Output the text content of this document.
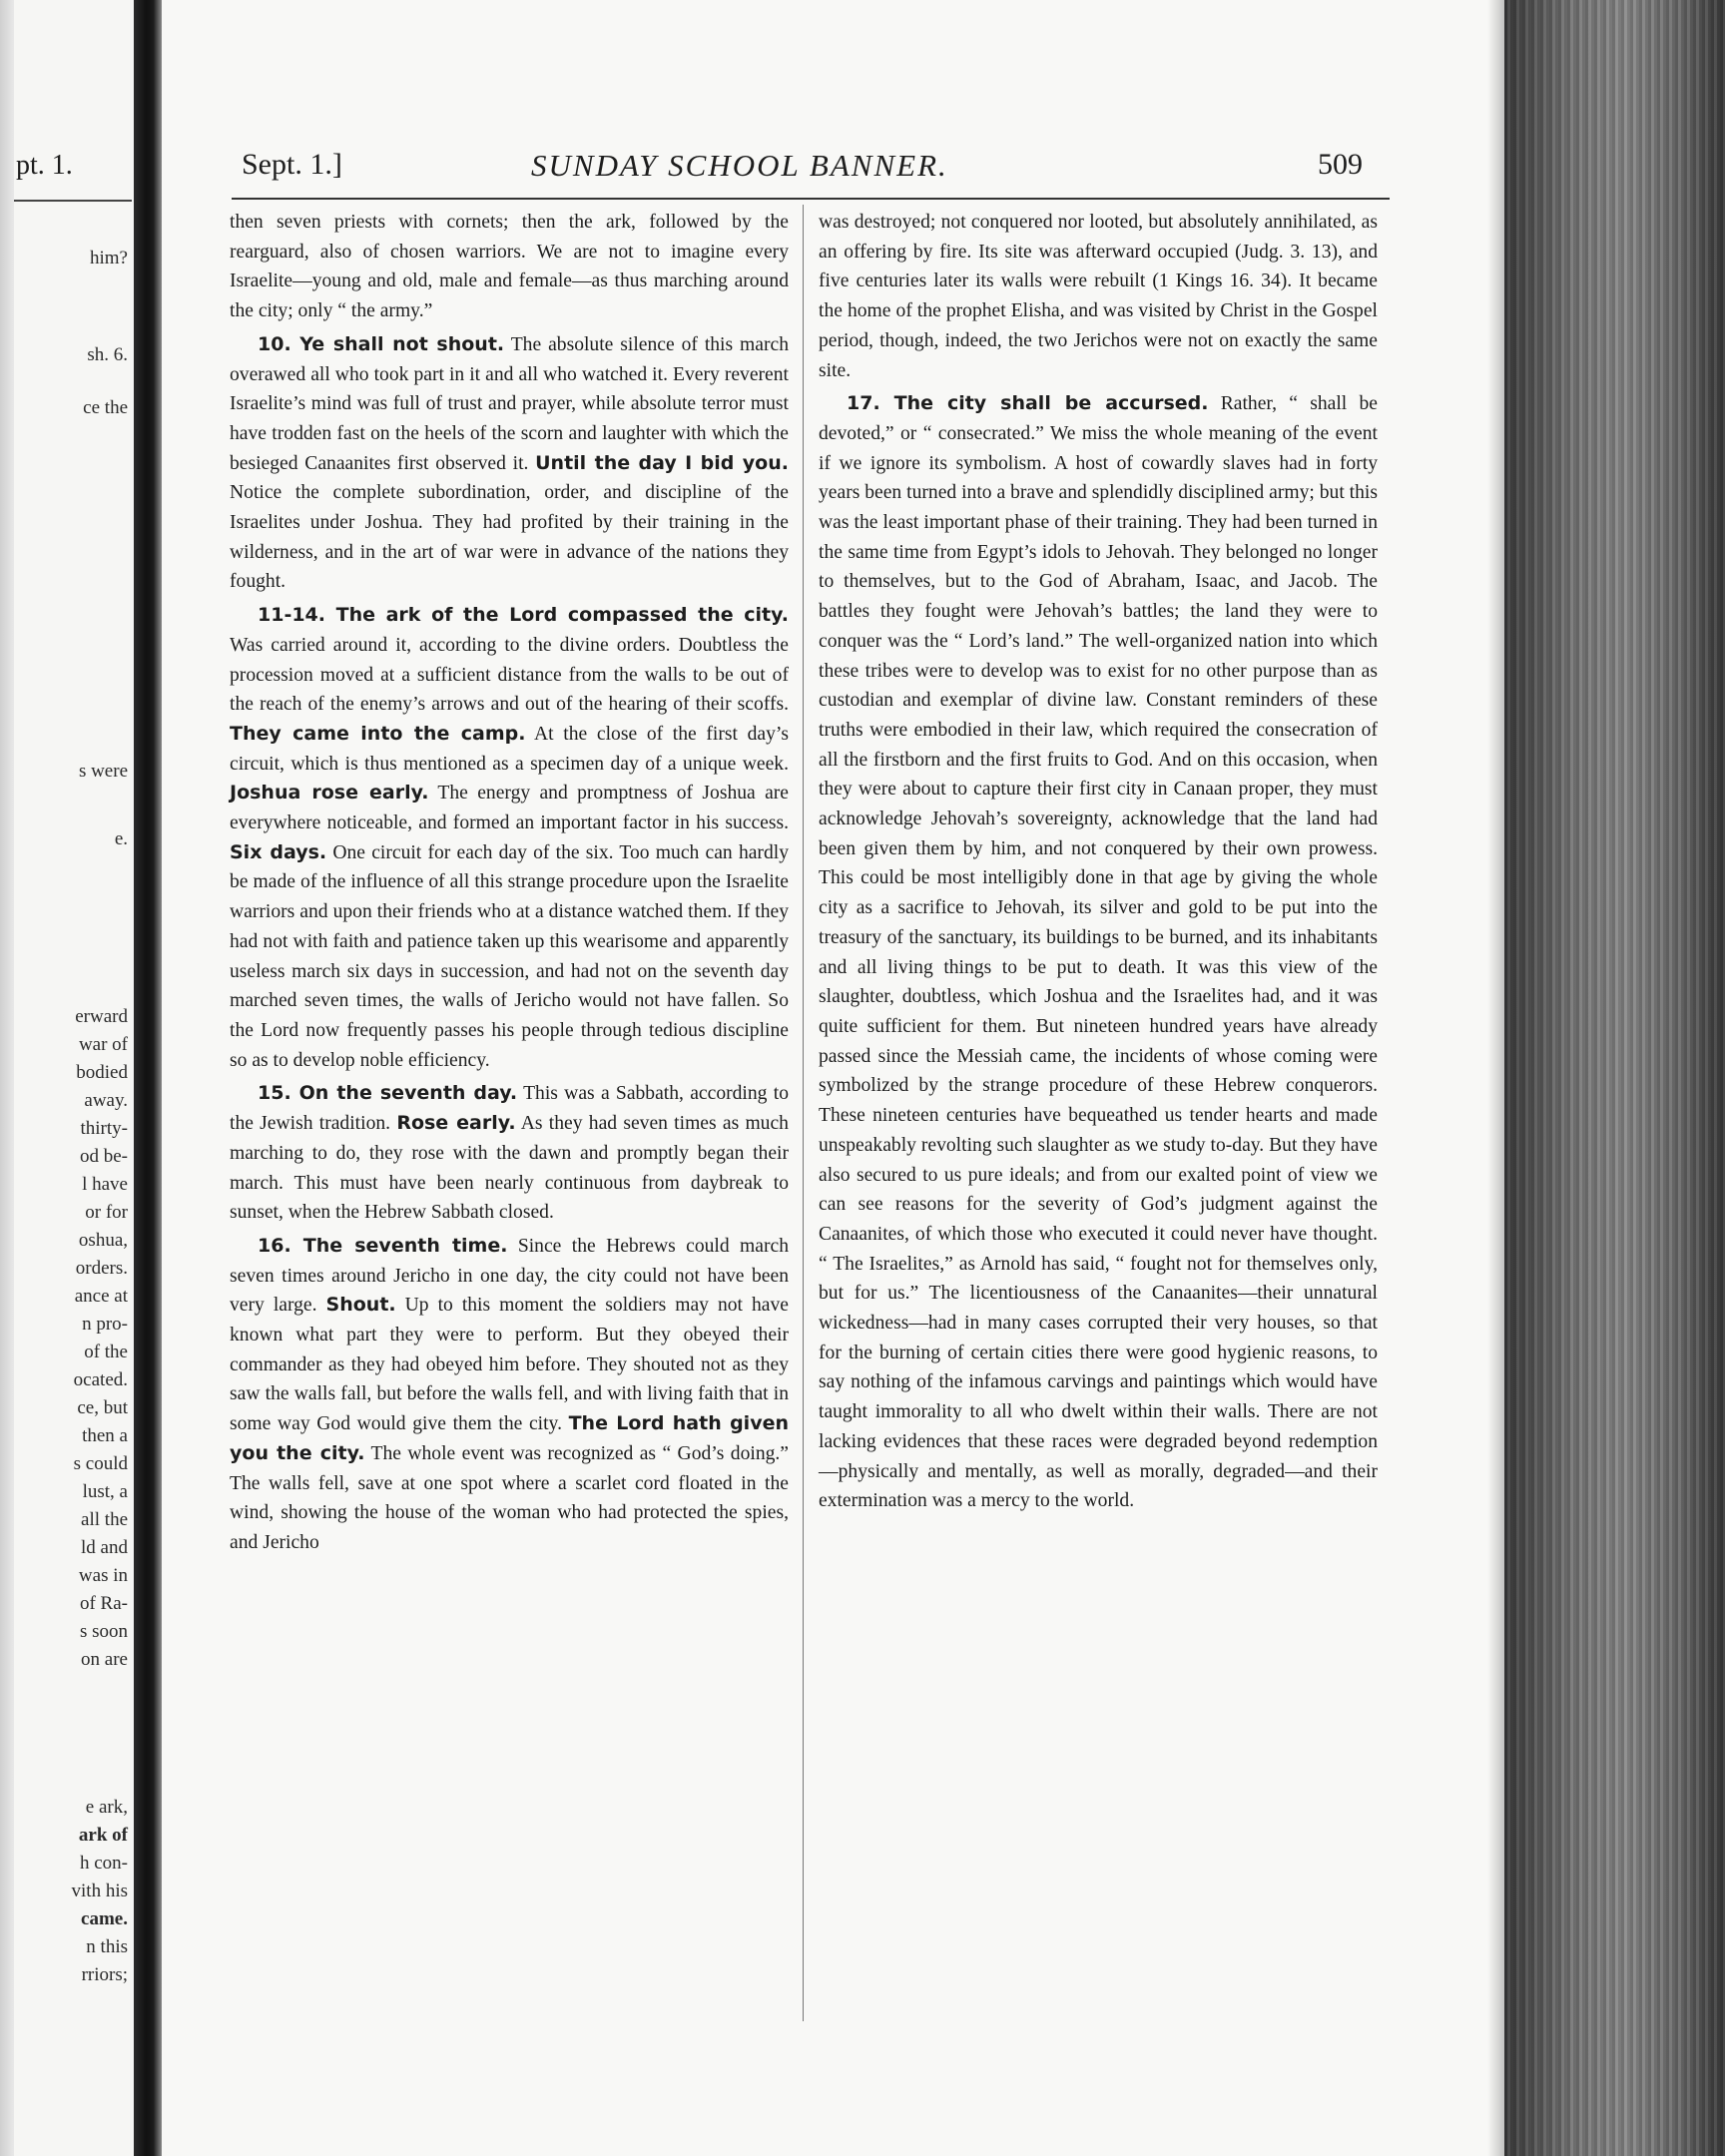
pt. 1.
him?
sh. 6.
ce the
s were
e.
erward
war of
bodied
away.
thirty-
od be-
l have
or for
oshua,
orders.
ance at
n pro-
of the
ocated.
ce, but
then a
s could
lust, a
all the
ld and
was in
of Ra-
s soon
on are
e ark,
ark of
h con-
vith his
came.
n this
rriors;
Sept. 1.]	SUNDAY SCHOOL BANNER.	509

then seven priests with cornets; then the ark, followed by the rearguard, also of chosen warriors. We are not to imagine every Israelite—young and old, male and female—as thus marching around the city; only “ the army.”

10. Ye shall not shout. The absolute silence of this march overawed all who took part in it and all who watched it. Every reverent Israelite’s mind was full of trust and prayer, while absolute terror must have trodden fast on the heels of the scorn and laughter with which the besieged Canaanites first observed it. Until the day I bid you. Notice the complete subordination, order, and discipline of the Israelites under Joshua. They had profited by their training in the wilderness, and in the art of war were in advance of the nations they fought.

11-14. The ark of the Lord compassed the city. Was carried around it, according to the divine orders. Doubtless the procession moved at a sufficient distance from the walls to be out of the reach of the enemy’s arrows and out of the hearing of their scoffs. They came into the camp. At the close of the first day’s circuit, which is thus mentioned as a specimen day of a unique week. Joshua rose early. The energy and promptness of Joshua are everywhere noticeable, and formed an important factor in his success. Six days. One circuit for each day of the six. Too much can hardly be made of the influence of all this strange procedure upon the Israelite warriors and upon their friends who at a distance watched them. If they had not with faith and patience taken up this wearisome and apparently useless march six days in succession, and had not on the seventh day marched seven times, the walls of Jericho would not have fallen. So the Lord now frequently passes his people through tedious discipline so as to develop noble efficiency.

15. On the seventh day. This was a Sabbath, according to the Jewish tradition. Rose early. As they had seven times as much marching to do, they rose with the dawn and promptly began their march. This must have been nearly continuous from daybreak to sunset, when the Hebrew Sabbath closed.

16. The seventh time. Since the Hebrews could march seven times around Jericho in one day, the city could not have been very large. Shout. Up to this moment the soldiers may not have known what part they were to perform. But they obeyed their commander as they had obeyed him before. They shouted not as they saw the walls fall, but before the walls fell, and with living faith that in some way God would give them the city. The Lord hath given you the city. The whole event was recognized as “ God’s doing.” The walls fell, save at one spot where a scarlet cord floated in the wind, showing the house of the woman who had protected the spies, and Jericho

was destroyed; not conquered nor looted, but absolutely annihilated, as an offering by fire. Its site was afterward occupied (Judg. 3. 13), and five centuries later its walls were rebuilt (1 Kings 16. 34). It became the home of the prophet Elisha, and was visited by Christ in the Gospel period, though, indeed, the two Jerichos were not on exactly the same site.

17. The city shall be accursed. Rather, “ shall be devoted,” or “ consecrated.” We miss the whole meaning of the event if we ignore its symbolism. A host of cowardly slaves had in forty years been turned into a brave and splendidly disciplined army; but this was the least important phase of their training. They had been turned in the same time from Egypt’s idols to Jehovah. They belonged no longer to themselves, but to the God of Abraham, Isaac, and Jacob. The battles they fought were Jehovah’s battles; the land they were to conquer was the “ Lord’s land.” The well-organized nation into which these tribes were to develop was to exist for no other purpose than as custodian and exemplar of divine law. Constant reminders of these truths were embodied in their law, which required the consecration of all the firstborn and the first fruits to God. And on this occasion, when they were about to capture their first city in Canaan proper, they must acknowledge Jehovah’s sovereignty, acknowledge that the land had been given them by him, and not conquered by their own prowess. This could be most intelligibly done in that age by giving the whole city as a sacrifice to Jehovah, its silver and gold to be put into the treasury of the sanctuary, its buildings to be burned, and its inhabitants and all living things to be put to death. It was this view of the slaughter, doubtless, which Joshua and the Israelites had, and it was quite sufficient for them. But nineteen hundred years have already passed since the Messiah came, the incidents of whose coming were symbolized by the strange procedure of these Hebrew conquerors. These nineteen centuries have bequeathed us tender hearts and made unspeakably revolting such slaughter as we study to-day. But they have also secured to us pure ideals; and from our exalted point of view we can see reasons for the severity of God’s judgment against the Canaanites, of which those who executed it could never have thought. “ The Israelites,” as Arnold has said, “ fought not for themselves only, but for us.” The licentiousness of the Canaanites—their unnatural wickedness—had in many cases corrupted their very houses, so that for the burning of certain cities there were good hygienic reasons, to say nothing of the infamous carvings and paintings which would have taught immorality to all who dwelt within their walls. There are not lacking evidences that these races were degraded beyond redemption—physically and mentally, as well as morally, degraded—and their extermination was a mercy to the world.
